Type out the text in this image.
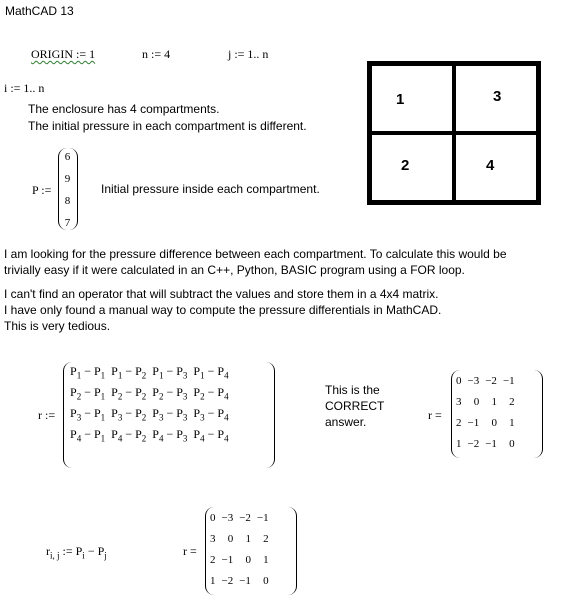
MathCAD 13
ORIGIN := 1	n := 4	j := 1.. n
i := 1.. n
The enclosure has 4 compartments.
The initial pressure in each compartment is different.
1	3
2	4
P :=
6
9
8
7
Initial pressure inside each compartment.
I am looking for the pressure difference between each compartment. To calculate this would be
trivially easy if it were calculated in an C++, Python, BASIC program using a FOR loop.
I can't find an operator that will subtract the values and store them in a 4x4 matrix.
I have only found a manual way to compute the pressure differentials in MathCAD.
This is very tedious.
r :=
$P_1 - P_1$	$P_1 - P_2$	$P_1 - P_3$	$P_1 - P_4$
$P_2 - P_1$	$P_2 - P_2$	$P_2 - P_3$	$P_2 - P_4$
$P_3 - P_1$	$P_3 - P_2$	$P_3 - P_3$	$P_3 - P_4$
$P_4 - P_1$	$P_4 - P_2$	$P_4 - P_3$	$P_4 - P_4$
This is the
CORRECT
answer.	r =
0	−3	−2	−1
3	0	1	2
2	−1	0	1
1	−2	−1	0
$r_{i, j}$ := $P_i - P_j$	r =
0	−3	−2	−1
3	0	1	2
2	−1	0	1
1	−2	−1	0
